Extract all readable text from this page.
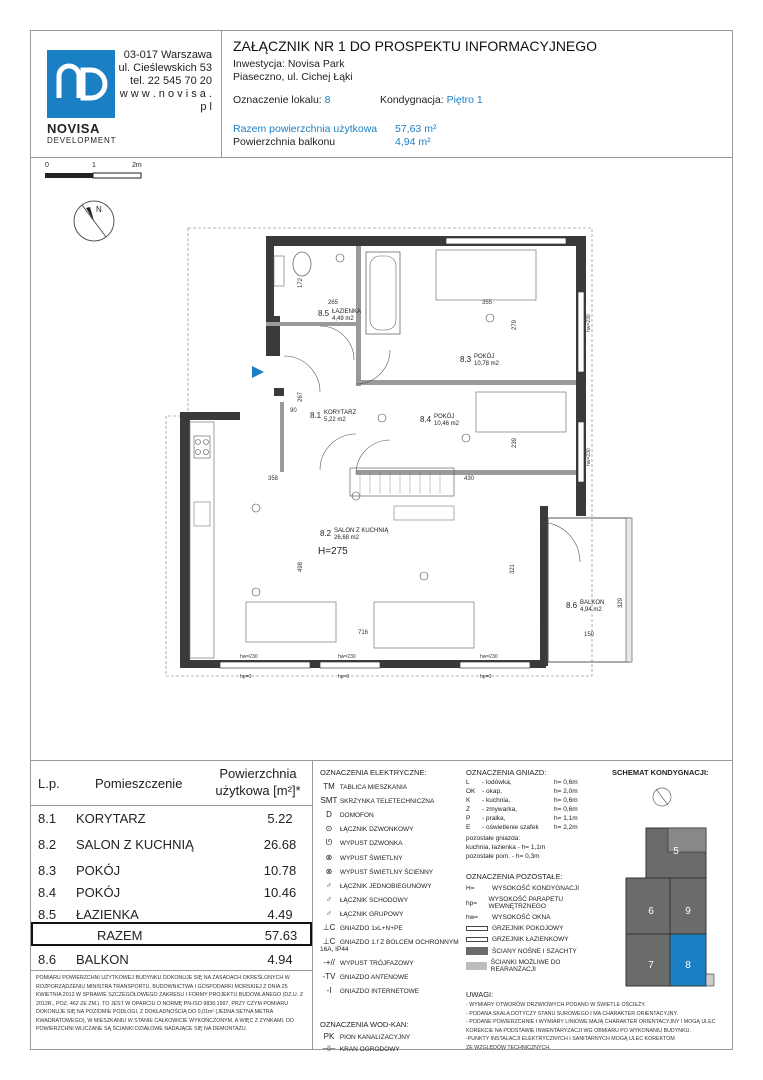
NOVISA
DEVELOPMENT
03-017 Warszawa
ul. Cieślewskich 53
tel. 22 545 70 20
w w w . n o v i s a . p l
ZAŁĄCZNIK NR 1 DO PROSPEKTU INFORMACYJNEGO
Inwestycja: Novisa Park
Piaseczno, ul. Cichej Łąki
Oznaczenie lokalu: 8	Kondygnacja: Piętro 1
Razem powierzchnia użytkowa 57,63 m²
Powierzchnia balkonu	4,94 m²
0	1	2m
N
8.5 ŁAZIENKA
4,49 m2
8.3 POKÓJ
10,78 m2
8.1 KORYTARZ
5,22 m2	8.4 POKÓJ
10,46 m2
8.2 SALON Z KUCHNIĄ
26,68 m2
H=275
8.6 BALKON
4,94 m2
265	355
279
358	430
498
716	150
329
321
239
172
267
90
hw=230	hw=230	hw=230
hp=0	hp=0	hp=0
hw=230
hw=230
hw=230
L.p.	Pomieszczenie
Powierzchnia
użytkowa [m²]*
8.1 KORYTARZ	5.22
8.2 SALON Z KUCHNIĄ	26.68
8.3 POKÓJ	10.78
8.4 POKÓJ	10.46
8.5 ŁAZIENKA	4.49
RAZEM	57.63
8.6 BALKON	4.94
POMIARU POWIERZCHNI UŻYTKOWEJ BUDYNKU DOKONUJE SIĘ NA ZASADACH OKREŚLONYCH W ROZPORZĄDZENIU MINISTRA TRANSPORTU, BUDOWNICTWA I GOSPODARKI MORSKIEJ Z DNIA 25 KWIETNIA 2012 W SPRAWIE SZCZEGÓŁOWEGO ZAKRESU I FORMY PROJEKTU BUDOWLANEGO (DZ.U. Z 2012R., POZ. 462 ZE ZM.). TO JEST W OPARCIU O NORMĘ PN-ISO 9836:1997, PRZY CZYM POMIARU DOKONUJE SIĘ NA POZIOMIE PODŁOGI, Z DOKŁADNOŚCIĄ DO 0,01m² (JEDNA SETNA METRA KWADRATOWEGO), W MIESZKANIU W STANIE CAŁKOWICIE WYKOŃCZONYM, A WIĘC Z ZYNKAMI. DO POWIERZCHNI WLICZANE SĄ ŚCIANKI DZIAŁOWE NADAJĄCE SIĘ NA DEMONTAŻU.
OZNACZENIA ELEKTRYCZNE:
TM TABLICA MIESZKANIA
SMT SKRZYNKA TELETECHNICZNA
D DOMOFON
⊙ ŁĄCZNIK DZWONKOWY
ᘎ WYPUST DZWONKA
⊗ WYPUST ŚWIETLNY
⊗ WYPUST ŚWIETLNY ŚCIENNY
♂ ŁĄCZNIK JEDNOBIEGUNOWY
♂ ŁĄCZNIK SCHODOWY
♂ ŁĄCZNIK GRUPOWY
⊥C GNIAZDO 1xL+N+PE
⊥C GNIAZDO 1.f Z BOLCEM OCHRONNYM 16A, IP44
-+// WYPUST TRÓJFAZOWY
-TV GNIAZDO ANTENOWE
-I GNIAZDO INTERNETOWE
OZNACZENIA WOD-KAN:
PK PION KANALIZACYJNY
⊣⊢ KRAN OGRODOWY
OZNACZENIA GNIAZD:
L	- lodówka,	h= 0,6m
OK	- okap,	h= 2,0m
K	- kuchnia,	h= 0,6m
Z	- zmywarka,	h= 0,6m
P	- pralka,	h= 1,1m
E	- oświetlenie szafek	h= 2,2m
pozostałe gniazda:
kuchnia, łazienka - h= 1,1m
pozostałe pom. - h= 0,3m
OZNACZENIA POZOSTAŁE:
H=	WYSOKOŚĆ KONDYGNACJI
hp=	WYSOKOŚĆ PARAPETU WEWNĘTRZNEGO
hw=	WYSOKOŚĆ OKNA
GRZEJNIK POKOJOWY
GRZEJNIK ŁAZIENKOWY
ŚCIANY NOŚNE I SZACHTY
ŚCIANKI MOŻLIWE DO REARANŻACJI
UWAGI:
- WYMIARY OTWORÓW DRZWIOWYCH PODANO W ŚWIETLE OŚCIEŻY.
- PODANA SKALA DOTYCZY STANU SUROWEGO I MA CHARAKTER ORIENTACYJNY.
- PODANE POWIERZCHNIE I WYMIARY LINIOWE MAJĄ CHARAKTER ORIENTACYJNY I MOGĄ ULEC
KOREKCIE NA PODSTAWIE INWENTARYZACJI WG OBMIARU PO WYKONANIU BUDYNKU.
-PUNKTY INSTALACJI ELEKTRYCZNYCH I SANITARNYCH MOGĄ ULEC KOREKTOM
ZE WZGLĘDÓW TECHNICZNYCH.
SCHEMAT KONDYGNACJI:
5
6	9
7	8
